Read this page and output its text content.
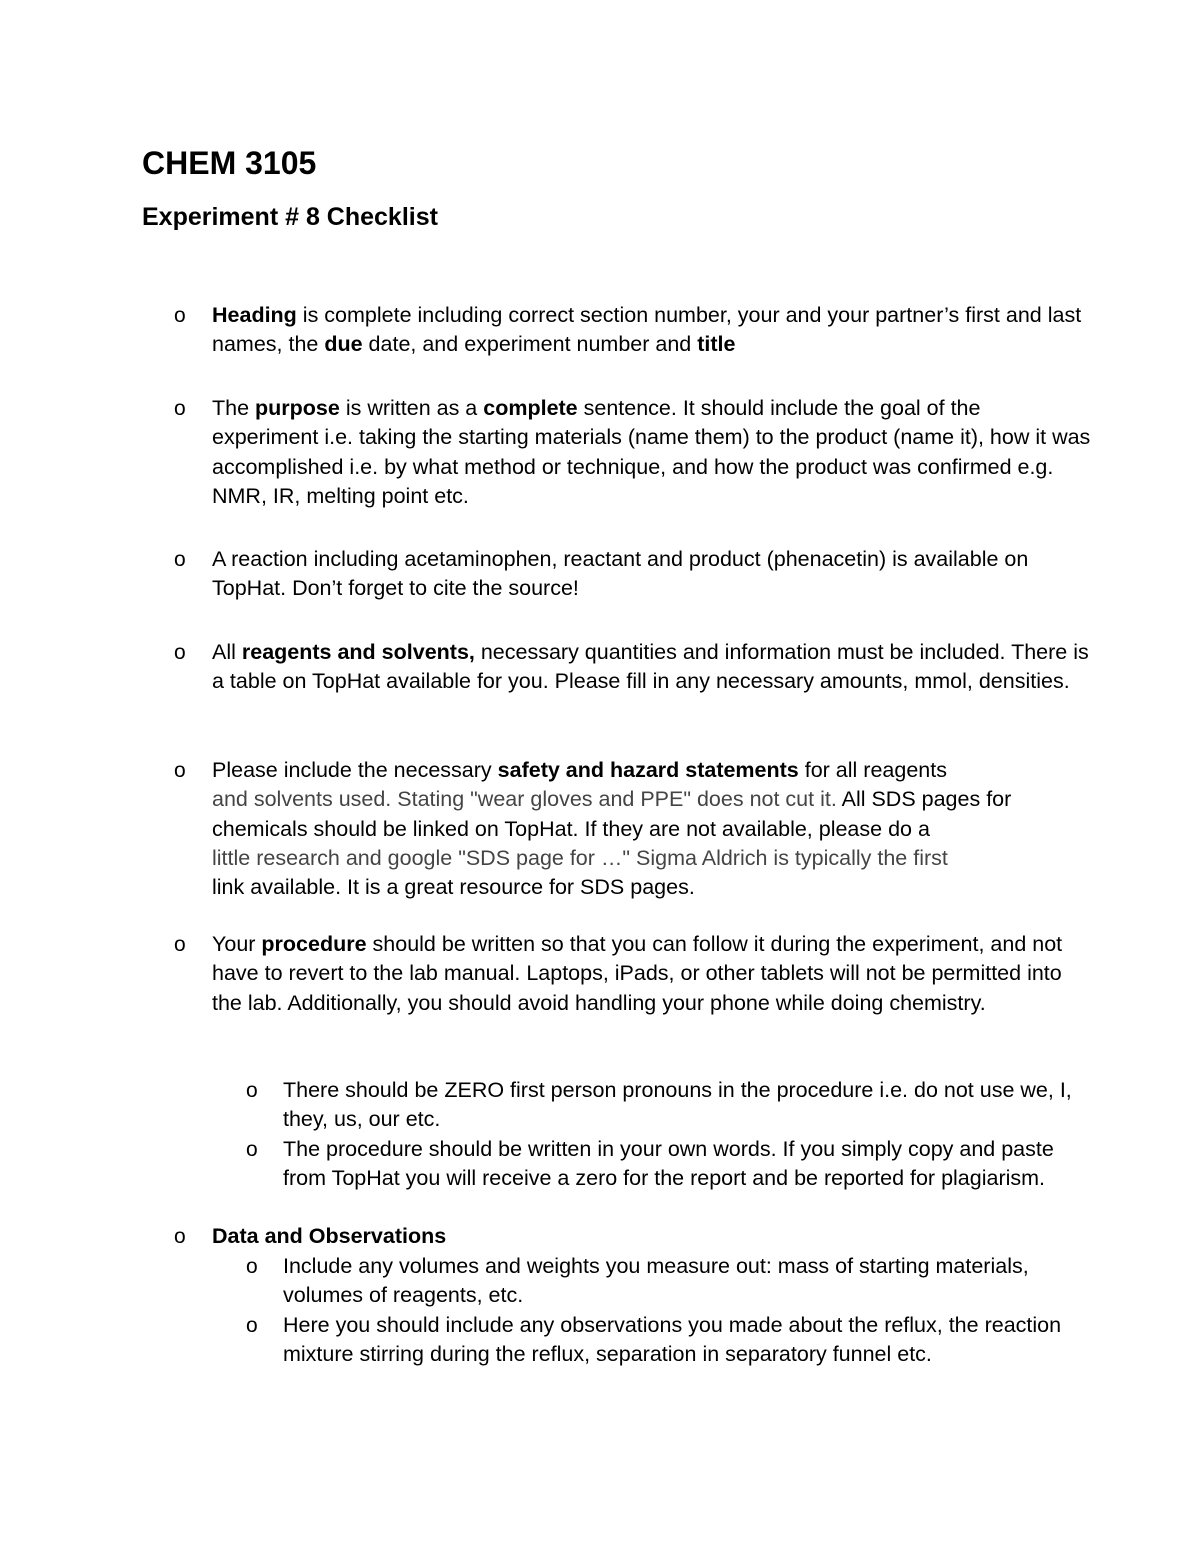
CHEM 3105
Experiment # 8 Checklist
o Heading is complete including correct section number, your and your partner’s first and last names, the due date, and experiment number and title
o The purpose is written as a complete sentence. It should include the goal of the experiment i.e. taking the starting materials (name them) to the product (name it), how it was accomplished i.e. by what method or technique, and how the product was confirmed e.g. NMR, IR, melting point etc.
o A reaction including acetaminophen, reactant and product (phenacetin) is available on TopHat. Don’t forget to cite the source!
o All reagents and solvents, necessary quantities and information must be included. There is a table on TopHat available for you. Please fill in any necessary amounts, mmol, densities.
o Please include the necessary safety and hazard statements for all reagents
and solvents used. Stating "wear gloves and PPE" does not cut it. All SDS pages for chemicals should be linked on TopHat. If they are not available, please do a
little research and google "SDS page for …" Sigma Aldrich is typically the first
link available. It is a great resource for SDS pages.
o Your procedure should be written so that you can follow it during the experiment, and not have to revert to the lab manual. Laptops, iPads, or other tablets will not be permitted into the lab. Additionally, you should avoid handling your phone while doing chemistry.
o There should be ZERO first person pronouns in the procedure i.e. do not use we, I, they, us, our etc.
o The procedure should be written in your own words. If you simply copy and paste from TopHat you will receive a zero for the report and be reported for plagiarism.
o Data and Observations
o Include any volumes and weights you measure out: mass of starting materials, volumes of reagents, etc.
o Here you should include any observations you made about the reflux, the reaction mixture stirring during the reflux, separation in separatory funnel etc.
